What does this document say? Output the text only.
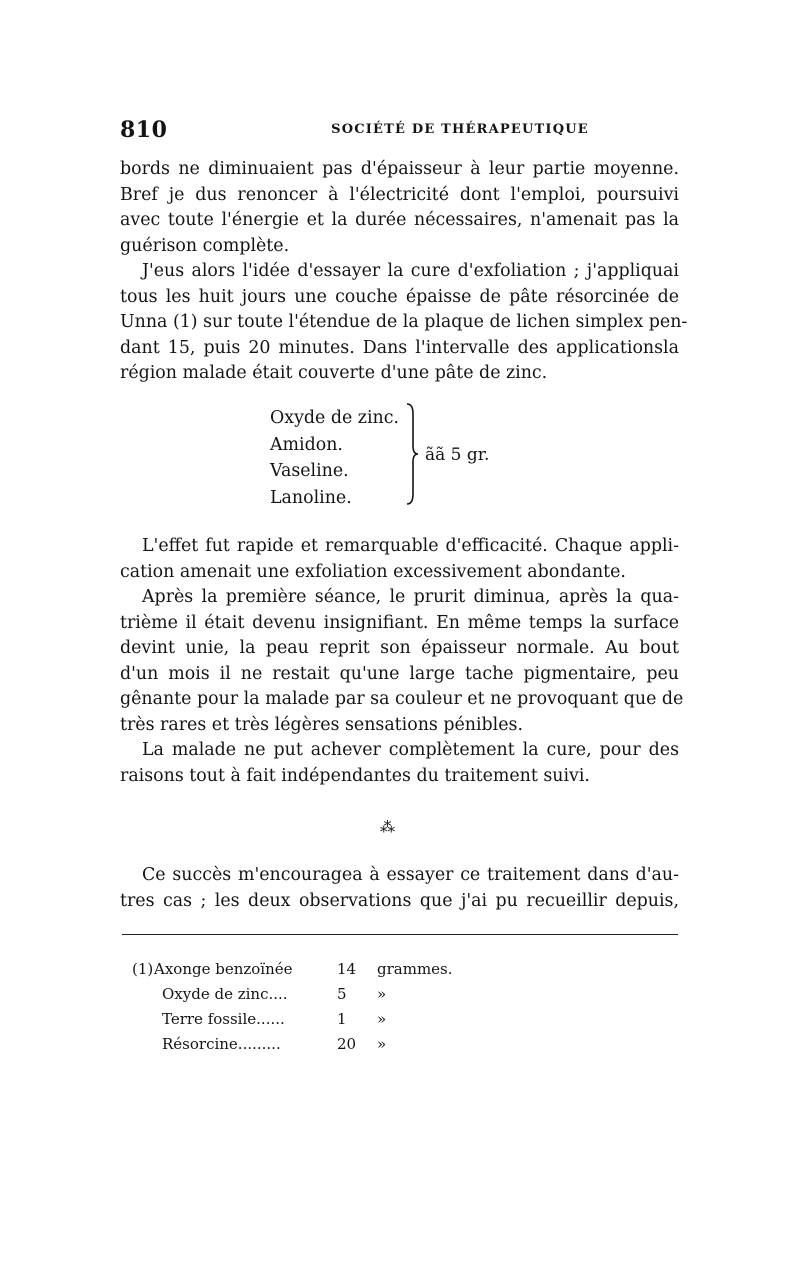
810	SOCIÉTÉ DE THÉRAPEUTIQUE
bords ne diminuaient pas d'épaisseur à leur partie moyenne.
Bref je dus renoncer à l'électricité dont l'emploi, poursuivi
avec toute l'énergie et la durée nécessaires, n'amenait pas la
guérison complète.
J'eus alors l'idée d'essayer la cure d'exfoliation ; j'appliquai
tous les huit jours une couche épaisse de pâte résorcinée de
Unna (1) sur toute l'étendue de la plaque de lichen simplex pen-
dant 15, puis 20 minutes. Dans l'intervalle des applicationsla
région malade était couverte d'une pâte de zinc.
Oxyde de zinc.
Amidon.
Vaseline.
Lanoline.
ãã 5 gr.
L'effet fut rapide et remarquable d'efficacité. Chaque appli-
cation amenait une exfoliation excessivement abondante.
Après la première séance, le prurit diminua, après la qua-
trième il était devenu insignifiant. En même temps la surface
devint unie, la peau reprit son épaisseur normale. Au bout
d'un mois il ne restait qu'une large tache pigmentaire, peu
gênante pour la malade par sa couleur et ne provoquant que de
très rares et très légères sensations pénibles.
La malade ne put achever complètement la cure, pour des
raisons tout à fait indépendantes du traitement suivi.
⁂
Ce succès m'encouragea à essayer ce traitement dans d'au-
tres cas ; les deux observations que j'ai pu recueillir depuis,
(1) Axonge benzoïnée	14	grammes.
Oxyde de zinc....	5	»
Terre fossile......	1	»
Résorcine.........	20	»
